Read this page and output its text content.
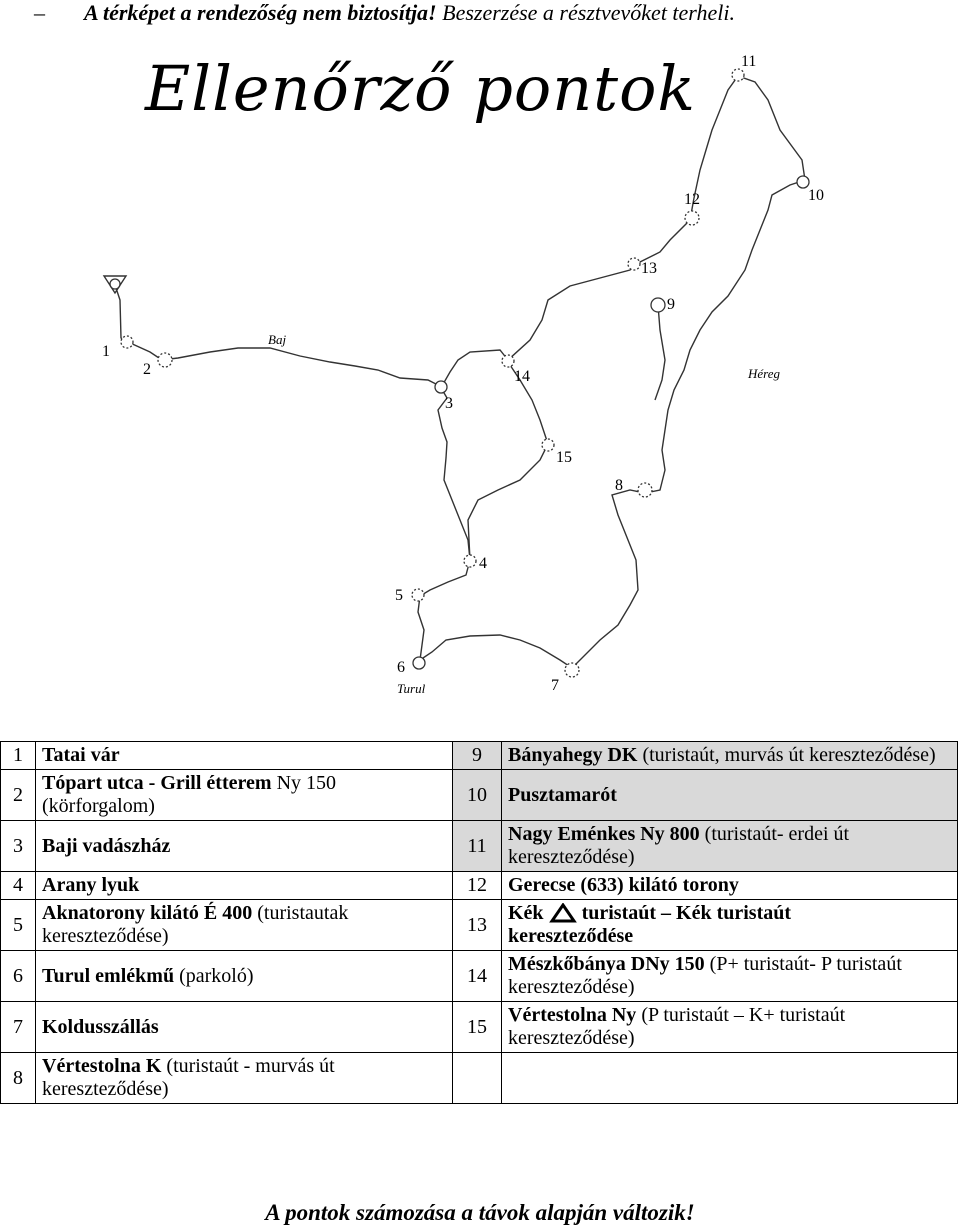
– A térképet a rendezőség nem biztosítja! Beszerzése a résztvevőket terheli.
1
2
3
4
5
6
7
8
9
10
11
12
13
14
15
Baj
Héreg
Turul
Ellenőrző pontok
1	Tatai vár	9	Bányahegy DK (turistaút, murvás út kereszteződése)
2	Tópart utca - Grill étterem Ny 150 (körforgalom)	10	Pusztamarót
3	Baji vadászház	11	Nagy Eménkes Ny 800 (turistaút- erdei út kereszteződése)
4	Arany lyuk	12	Gerecse (633) kilátó torony
5	Aknatorony kilátó É 400 (turistautak kereszteződése)	13	Kék turistaút – Kék turistaút
kereszteződése
6	Turul emlékmű (parkoló)	14	Mészkőbánya DNy 150 (P+ turistaút- P turistaút kereszteződése)
7	Koldusszállás	15	Vértestolna Ny (P turistaút – K+ turistaút kereszteződése)
8	Vértestolna K (turistaút - murvás út kereszteződése)		
A pontok számozása a távok alapján változik!
